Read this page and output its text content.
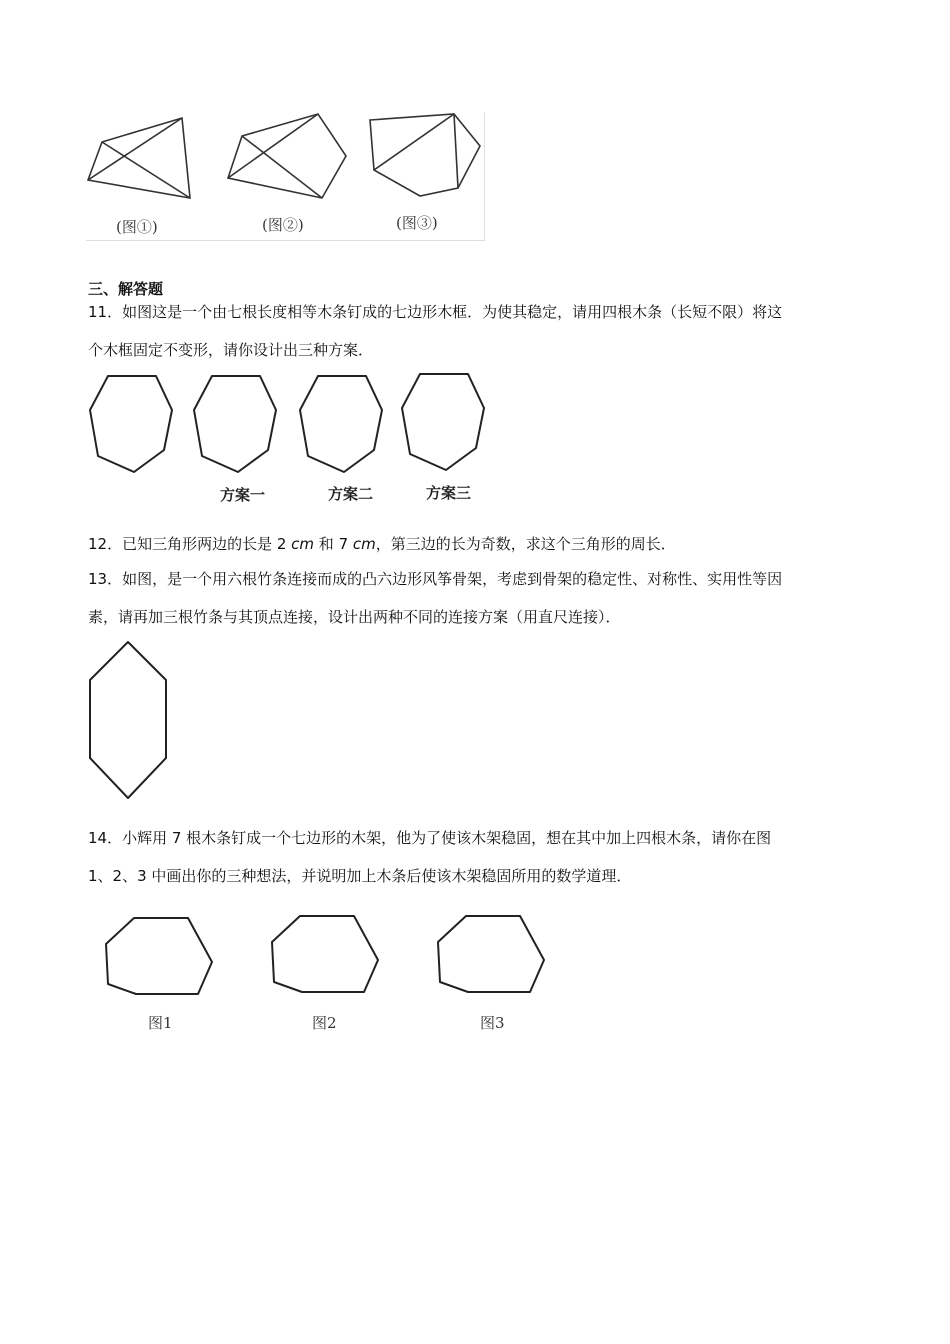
(图①)	(图②)	(图③)
三、解答题
11．如图这是一个由七根长度相等木条钉成的七边形木框．为使其稳定，请用四根木条（长短不限）将这
个木框固定不变形，请你设计出三种方案．
方案一	方案二	方案三
12．已知三角形两边的长是 2 cm 和 7 cm，第三边的长为奇数，求这个三角形的周长．
13．如图，是一个用六根竹条连接而成的凸六边形风筝骨架，考虑到骨架的稳定性、对称性、实用性等因
素，请再加三根竹条与其顶点连接，设计出两种不同的连接方案（用直尺连接）．
14．小辉用 7 根木条钉成一个七边形的木架，他为了使该木架稳固，想在其中加上四根木条，请你在图
1、2、3 中画出你的三种想法，并说明加上木条后使该木架稳固所用的数学道理．
图1	图2	图3
